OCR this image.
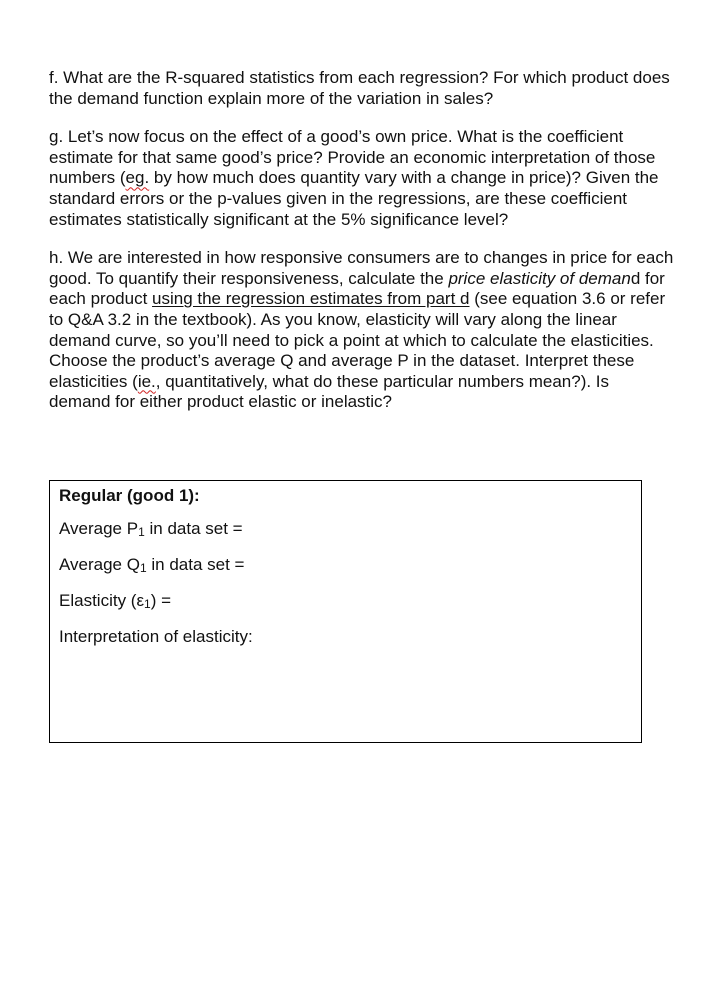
f. What are the R-squared statistics from each regression? For which product does the demand function explain more of the variation in sales?

g. Let’s now focus on the effect of a good’s own price. What is the coefficient estimate for that same good’s price? Provide an economic interpretation of those numbers (eg. by how much does quantity vary with a change in price)? Given the standard errors or the p-values given in the regressions, are these coefficient estimates statistically significant at the 5% significance level?

h. We are interested in how responsive consumers are to changes in price for each good. To quantify their responsiveness, calculate the price elasticity of demand for each product using the regression estimates from part d (see equation 3.6 or refer to Q&A 3.2 in the textbook). As you know, elasticity will vary along the linear demand curve, so you’ll need to pick a point at which to calculate the elasticities. Choose the product’s average Q and average P in the dataset. Interpret these elasticities (ie., quantitatively, what do these particular numbers mean?). Is demand for either product elastic or inelastic?

Regular (good 1):
Average P1 in data set =
Average Q1 in data set =
Elasticity (ε1) =
Interpretation of elasticity:
